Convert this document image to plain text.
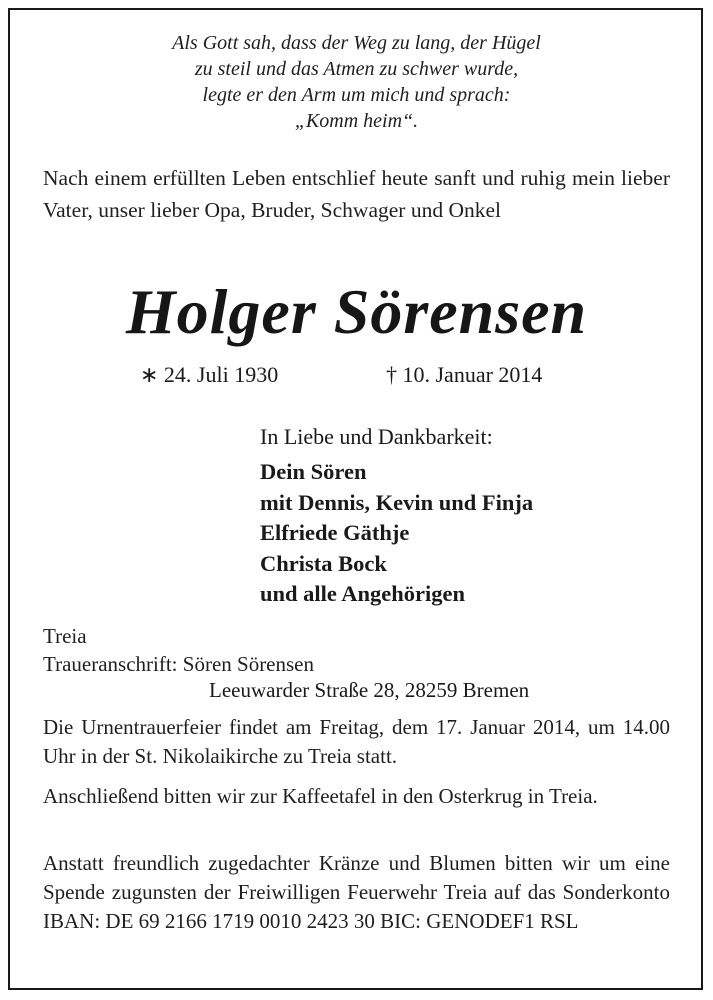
Als Gott sah, dass der Weg zu lang, der Hügel
zu steil und das Atmen zu schwer wurde,
legte er den Arm um mich und sprach:
„Komm heim“.
Nach einem erfüllten Leben entschlief heute sanft und ruhig mein lieber Vater, unser lieber Opa, Bruder, Schwager und Onkel
Holger Sörensen
∗ 24. Juli 1930	† 10. Januar 2014
In Liebe und Dankbarkeit:
Dein Sören
mit Dennis, Kevin und Finja
Elfriede Gäthje
Christa Bock
und alle Angehörigen
Treia
Traueranschrift: Sören Sörensen
Leeuwarder Straße 28, 28259 Bremen
Die Urnentrauerfeier findet am Freitag, dem 17. Januar 2014, um 14.00 Uhr in der St. Nikolaikirche zu Treia statt.
Anschließend bitten wir zur Kaffeetafel in den Osterkrug in Treia.
Anstatt freundlich zugedachter Kränze und Blumen bitten wir um eine Spende zugunsten der Freiwilligen Feuerwehr Treia auf das Sonderkonto IBAN: DE 69 2166 1719 0010 2423 30 BIC: GENODEF1 RSL
